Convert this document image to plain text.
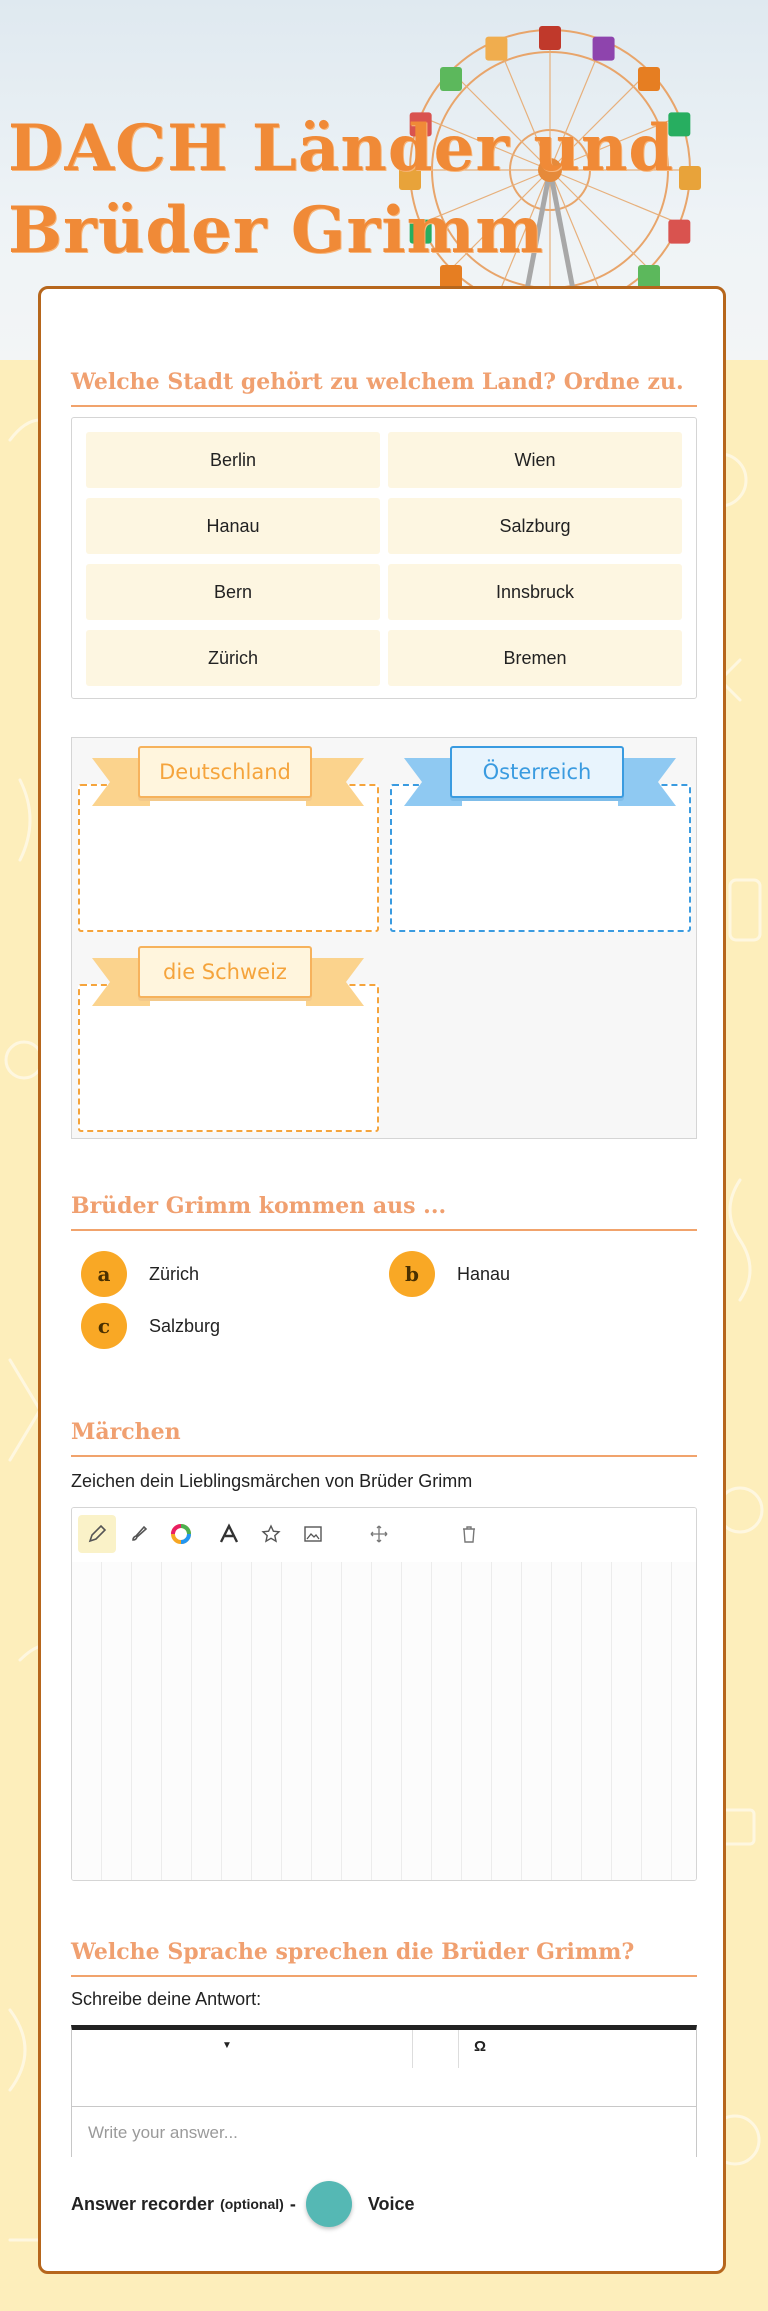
DACH Länder und
Brüder Grimm
Welche Stadt gehört zu welchem Land? Ordne zu.
Berlin	Wien
Hanau	Salzburg
Bern	Innsbruck
Zürich	Bremen
Deutschland	Österreich
die Schweiz
Brüder Grimm kommen aus ...
a	Zürich	b	Hanau
c	Salzburg
Märchen

Zeichen dein Lieblingsmärchen von Brüder Grimm

Welche Sprache sprechen die Brüder Grimm?

Schreibe deine Antwort:

▼	Ω
Write your answer...
Answer recorder (optional) -	Voice
